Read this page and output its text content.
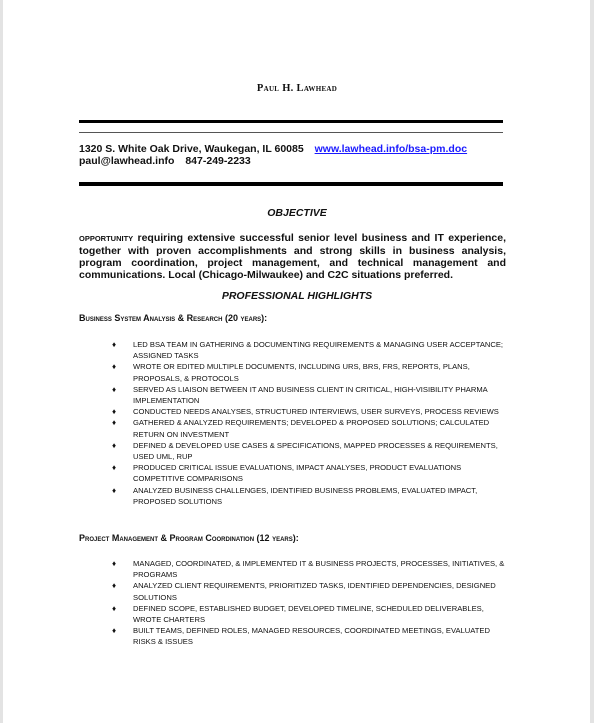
Paul H. Lawhead
1320 S. White Oak Drive, Waukegan, IL 60085 www.lawhead.info/bsa-pm.doc
paul@lawhead.info 847-249-2233
OBJECTIVE
OPPORTUNITY requiring extensive successful senior level business and IT experience, together with proven accomplishments and strong skills in business analysis, program coordination, project management, and technical management and communications. Local (Chicago-Milwaukee) and C2C situations preferred.
PROFESSIONAL HIGHLIGHTS
Business System Analysis & Research (20 years):
♦ LED BSA TEAM IN GATHERING & DOCUMENTING REQUIREMENTS & MANAGING USER ACCEPTANCE; ASSIGNED TASKS
♦ WROTE OR EDITED MULTIPLE DOCUMENTS, INCLUDING URS, BRS, FRS, REPORTS, PLANS, PROPOSALS, & PROTOCOLS
♦ SERVED AS LIAISON BETWEEN IT AND BUSINESS CLIENT IN CRITICAL, HIGH-VISIBILITY PHARMA IMPLEMENTATION
♦ CONDUCTED NEEDS ANALYSES, STRUCTURED INTERVIEWS, USER SURVEYS, PROCESS REVIEWS
♦ GATHERED & ANALYZED REQUIREMENTS; DEVELOPED & PROPOSED SOLUTIONS; CALCULATED RETURN ON INVESTMENT
♦ DEFINED & DEVELOPED USE CASES & SPECIFICATIONS, MAPPED PROCESSES & REQUIREMENTS, USED UML, RUP
♦ PRODUCED CRITICAL ISSUE EVALUATIONS, IMPACT ANALYSES, PRODUCT EVALUATIONS COMPETITIVE COMPARISONS
♦ ANALYZED BUSINESS CHALLENGES, IDENTIFIED BUSINESS PROBLEMS, EVALUATED IMPACT, PROPOSED SOLUTIONS
Project Management & Program Coordination (12 years):
♦ MANAGED, COORDINATED, & IMPLEMENTED IT & BUSINESS PROJECTS, PROCESSES, INITIATIVES, & PROGRAMS
♦ ANALYZED CLIENT REQUIREMENTS, PRIORITIZED TASKS, IDENTIFIED DEPENDENCIES, DESIGNED SOLUTIONS
♦ DEFINED SCOPE, ESTABLISHED BUDGET, DEVELOPED TIMELINE, SCHEDULED DELIVERABLES, WROTE CHARTERS
♦ BUILT TEAMS, DEFINED ROLES, MANAGED RESOURCES, COORDINATED MEETINGS, EVALUATED RISKS & ISSUES
